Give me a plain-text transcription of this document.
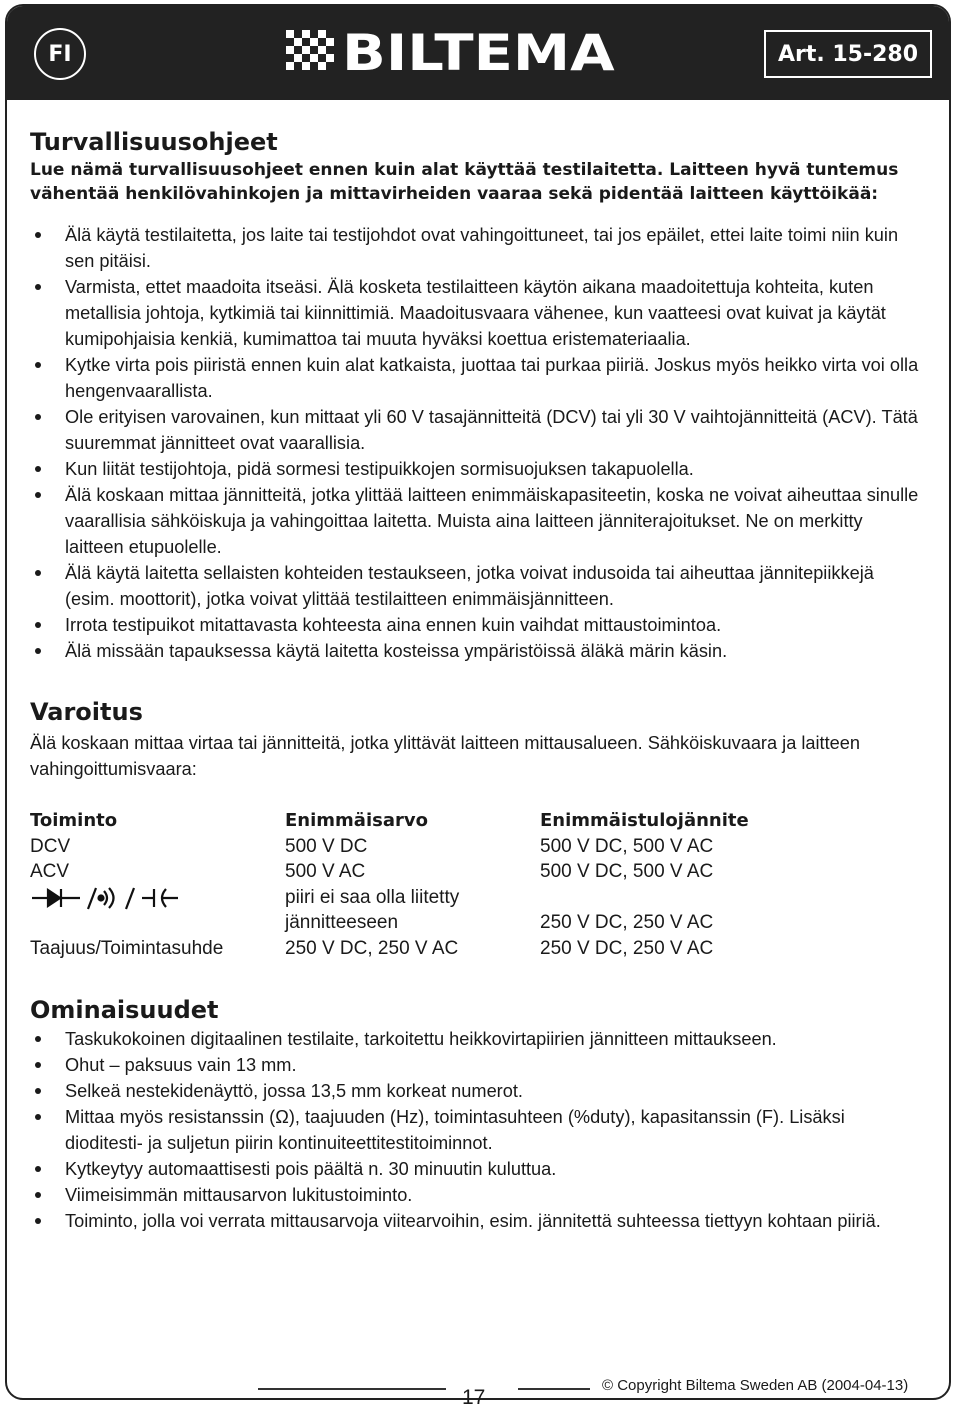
FI	BILTEMA	Art. 15-280
Turvallisuusohjeet

Lue nämä turvallisuusohjeet ennen kuin alat käyttää testilaitetta. Laitteen hyvä tuntemus vähentää henkilövahinkojen ja mittavirheiden vaaraa sekä pidentää laitteen käyttöikää:

Älä käytä testilaitetta, jos laite tai testijohdot ovat vahingoittuneet, tai jos epäilet, ettei laite toimi niin kuin sen pitäisi.
Varmista, ettet maadoita itseäsi. Älä kosketa testilaitteen käytön aikana maadoitettuja kohteita, kuten metallisia johtoja, kytkimiä tai kiinnittimiä. Maadoitusvaara vähenee, kun vaatteesi ovat kuivat ja käytät kumipohjaisia kenkiä, kumimattoa tai muuta hyväksi koettua eristemateriaalia.
Kytke virta pois piiristä ennen kuin alat katkaista, juottaa tai purkaa piiriä. Joskus myös heikko virta voi olla hengenvaarallista.
Ole erityisen varovainen, kun mittaat yli 60 V tasajännitteitä (DCV) tai yli 30 V vaihtojännitteitä (ACV). Tätä suuremmat jännitteet ovat vaarallisia.
Kun liität testijohtoja, pidä sormesi testipuikkojen sormisuojuksen takapuolella.
Älä koskaan mittaa jännitteitä, jotka ylittää laitteen enimmäiskapasiteetin, koska ne voivat aiheuttaa sinulle vaarallisia sähköiskuja ja vahingoittaa laitetta. Muista aina laitteen jänniterajoitukset. Ne on merkitty laitteen etupuolelle.
Älä käytä laitetta sellaisten kohteiden testaukseen, jotka voivat indusoida tai aiheuttaa jännitepiikkejä (esim. moottorit), jotka voivat ylittää testilaitteen enimmäisjännitteen.
Irrota testipuikot mitattavasta kohteesta aina ennen kuin vaihdat mittaustoimintoa.
Älä missään tapauksessa käytä laitetta kosteissa ympäristöissä äläkä märin käsin.
Varoitus

Älä koskaan mittaa virtaa tai jännitteitä, jotka ylittävät laitteen mittausalueen. Sähköiskuvaara ja laitteen vahingoittumisvaara:

Toiminto	Enimmäisarvo	Enimmäistulojännite
DCV	500 V DC	500 V DC, 500 V AC
ACV	500 V AC	500 V DC, 500 V AC
	piiri ei saa olla liitetty jännitteeseen	250 V DC, 250 V AC
Taajuus/Toimintasuhde	250 V DC, 250 V AC	250 V DC, 250 V AC
Ominaisuudet
Taskukokoinen digitaalinen testilaite, tarkoitettu heikkovirtapiirien jännitteen mittaukseen.
Ohut – paksuus vain 13 mm.
Selkeä nestekidenäyttö, jossa 13,5 mm korkeat numerot.
Mittaa myös resistanssin (Ω), taajuuden (Hz), toimintasuhteen (%duty), kapasitanssin (F). Lisäksi dioditesti- ja suljetun piirin kontinuiteettitestitoiminnot.
Kytkeytyy automaattisesti pois päältä n. 30 minuutin kuluttua.
Viimeisimmän mittausarvon lukitustoiminto.
Toiminto, jolla voi verrata mittausarvoja viitearvoihin, esim. jännitettä suhteessa tiettyyn kohtaan piiriä.
17
© Copyright Biltema Sweden AB (2004-04-13)
